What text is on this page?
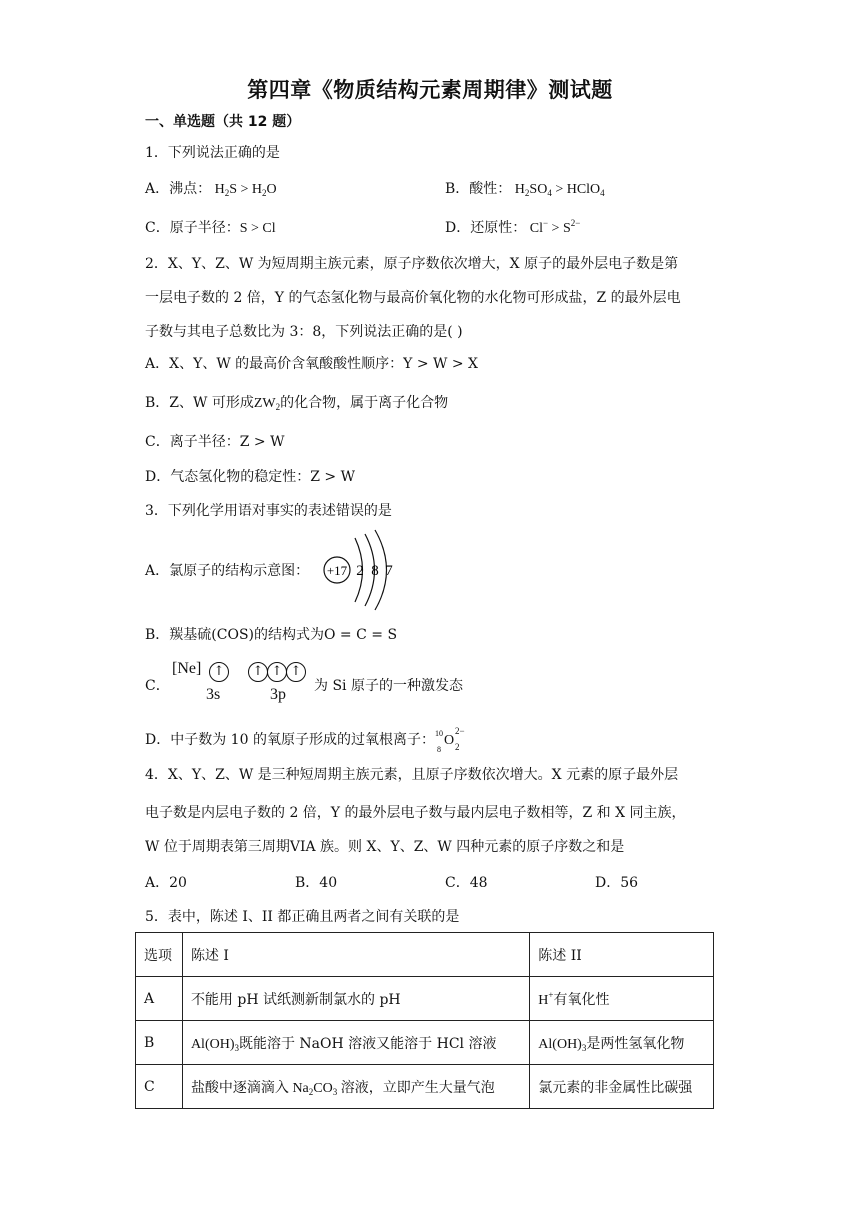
第四章《物质结构元素周期律》测试题
一、单选题（共 12 题）
1．下列说法正确的是
A．沸点： $H_2S > H_2O$	B．酸性： $H_2SO_4$ > HClO$_4$
C．原子半径：S > Cl	D．还原性： $Cl^- > S^{2-}$
2．X、Y、Z、W 为短周期主族元素，原子序数依次增大，X 原子的最外层电子数是第
一层电子数的 2 倍，Y 的气态氢化物与最高价氧化物的水化物可形成盐，Z 的最外层电
子数与其电子总数比为 3：8，下列说法正确的是( )
A．X、Y、W 的最高价含氧酸酸性顺序：Y > W > X
B．Z、W 可形成$ZW_2$的化合物，属于离子化合物
C．离子半径：Z > W
D．气态氢化物的稳定性：Z > W
3．下列化学用语对事实的表述错误的是
A．氯原子的结构示意图： +17 2 8 7
B．羰基硫(COS)的结构式为O = C = S
C．
[Ne] ↑	↑ ↑ ↑
3s	3p 为 Si 原子的一种激发态
D．中子数为 10 的氧原子形成的过氧根离子： 10
8
O
2−
2
4．X、Y、Z、W 是三种短周期主族元素，且原子序数依次增大。X 元素的原子最外层
电子数是内层电子数的 2 倍，Y 的最外层电子数与最内层电子数相等，Z 和 X 同主族，
W 位于周期表第三周期VIA 族。则 X、Y、Z、W 四种元素的原子序数之和是
A．20	B．40	C．48	D．56
5．表中，陈述 I、II 都正确且两者之间有关联的是
选项	陈述 I	陈述 II
A	不能用 pH 试纸测新制氯水的 pH	H+有氧化性
B	$Al(OH)_3$既能溶于 NaOH 溶液又能溶于 HCl 溶液	$Al(OH)_3$是两性氢氧化物
C	盐酸中逐滴滴入 $Na_2CO_3$ 溶液，立即产生大量气泡	氯元素的非金属性比碳强
